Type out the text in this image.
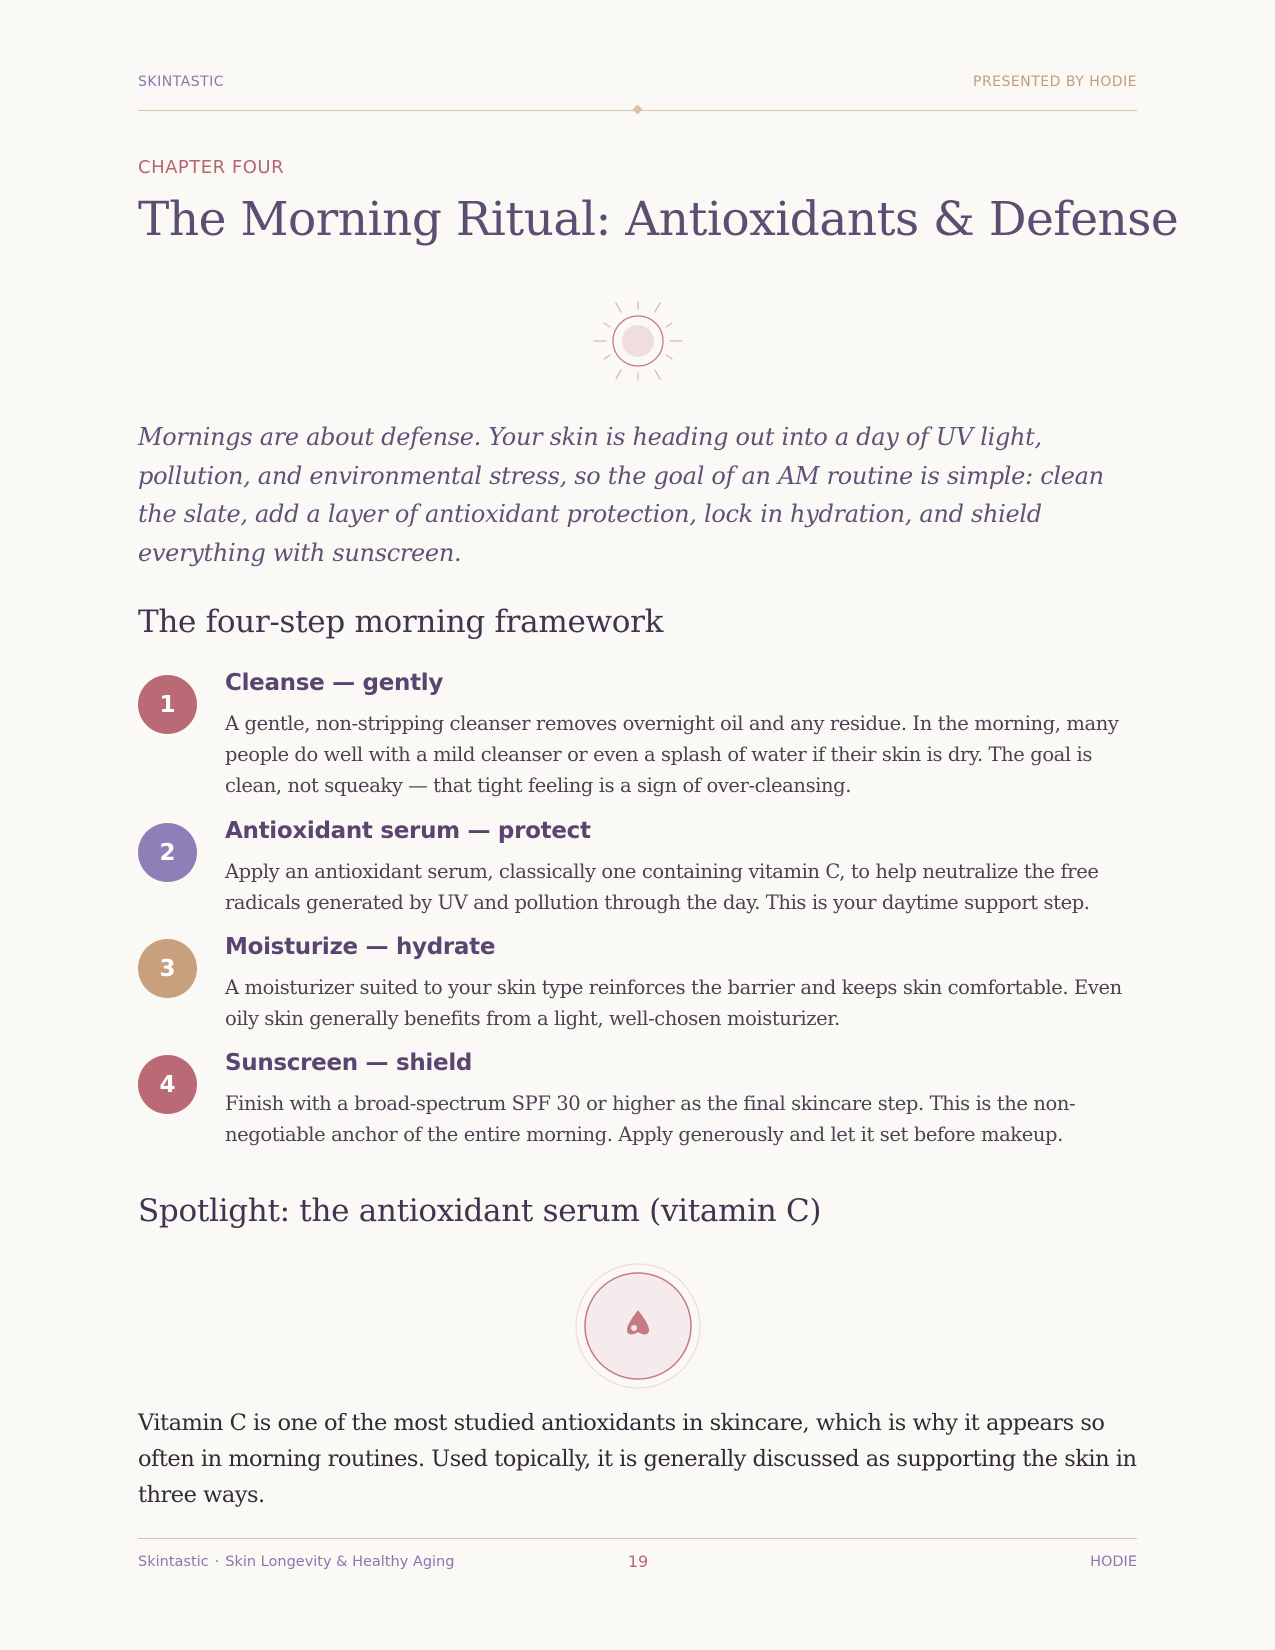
SKINTASTIC	PRESENTED BY HODIE
CHAPTER FOUR
The Morning Ritual: Antioxidants & Defense

Mornings are about defense. Your skin is heading out into a day of UV light, pollution, and environmental stress, so the goal of an AM routine is simple: clean the slate, add a layer of antioxidant protection, lock in hydration, and shield everything with sunscreen.

The four-step morning framework
1
Cleanse — gently

A gentle, non-stripping cleanser removes overnight oil and any residue. In the morning, many people do well with a mild cleanser or even a splash of water if their skin is dry. The goal is clean, not squeaky — that tight feeling is a sign of over-cleansing.

2
Antioxidant serum — protect

Apply an antioxidant serum, classically one containing vitamin C, to help neutralize the free radicals generated by UV and pollution through the day. This is your daytime support step.

3
Moisturize — hydrate

A moisturizer suited to your skin type reinforces the barrier and keeps skin comfortable. Even oily skin generally benefits from a light, well-chosen moisturizer.

4
Sunscreen — shield

Finish with a broad-spectrum SPF 30 or higher as the final skincare step. This is the non-negotiable anchor of the entire morning. Apply generously and let it set before makeup.

Spotlight: the antioxidant serum (vitamin C)

Vitamin C is one of the most studied antioxidants in skincare, which is why it appears so often in morning routines. Used topically, it is generally discussed as supporting the skin in three ways.

Skintastic · Skin Longevity & Healthy Aging	19	HODIE
